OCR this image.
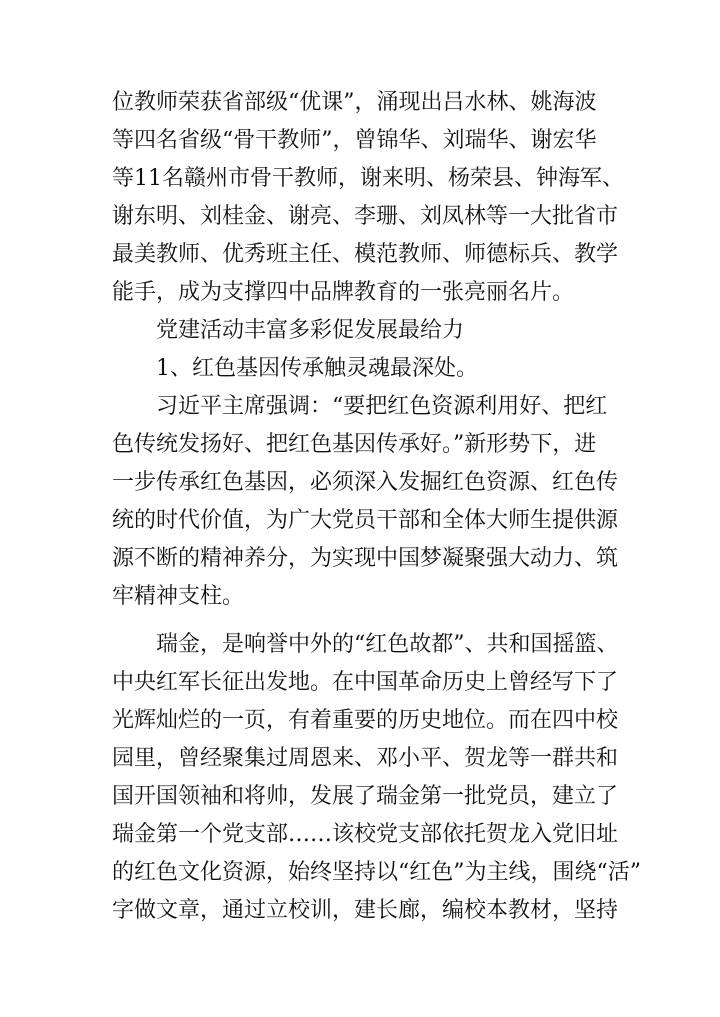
位教师荣获省部级“优课”，涌现出吕水林、姚海波
等四名省级“骨干教师”，曾锦华、刘瑞华、谢宏华
等11名赣州市骨干教师，谢来明、杨荣县、钟海军、
谢东明、刘桂金、谢亮、李珊、刘凤林等一大批省市
最美教师、优秀班主任、模范教师、师德标兵、教学
能手，成为支撑四中品牌教育的一张亮丽名片。
　　党建活动丰富多彩促发展最给力
　　1、红色基因传承触灵魂最深处。
　　习近平主席强调：“要把红色资源利用好、把红
色传统发扬好、把红色基因传承好。”新形势下，进
一步传承红色基因，必须深入发掘红色资源、红色传
统的时代价值，为广大党员干部和全体大师生提供源
源不断的精神养分，为实现中国梦凝聚强大动力、筑
牢精神支柱。
　　瑞金，是响誉中外的“红色故都”、共和国摇篮、
中央红军长征出发地。在中国革命历史上曾经写下了
光辉灿烂的一页，有着重要的历史地位。而在四中校
园里，曾经聚集过周恩来、邓小平、贺龙等一群共和
国开国领袖和将帅，发展了瑞金第一批党员，建立了
瑞金第一个党支部……该校党支部依托贺龙入党旧址
的红色文化资源，始终坚持以“红色”为主线，围绕“活”
字做文章，通过立校训，建长廊，编校本教材，坚持
